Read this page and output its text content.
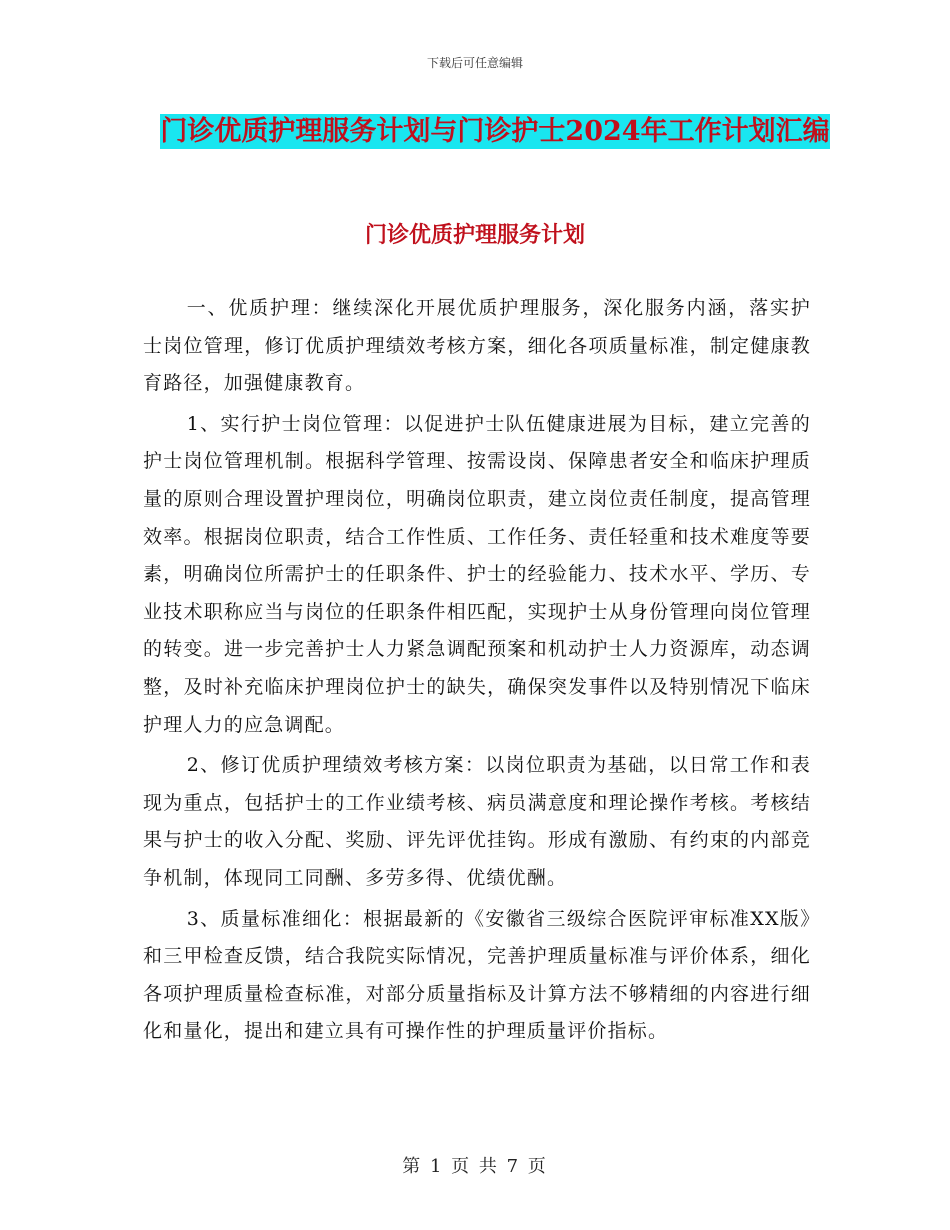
下载后可任意编辑
门诊优质护理服务计划与门诊护士2024年工作计划汇编
门诊优质护理服务计划

一、优质护理：继续深化开展优质护理服务，深化服务内涵，落实护士岗位管理，修订优质护理绩效考核方案，细化各项质量标准，制定健康教育路径，加强健康教育。

1、实行护士岗位管理：以促进护士队伍健康进展为目标，建立完善的护士岗位管理机制。根据科学管理、按需设岗、保障患者安全和临床护理质量的原则合理设置护理岗位，明确岗位职责，建立岗位责任制度，提高管理效率。根据岗位职责，结合工作性质、工作任务、责任轻重和技术难度等要素，明确岗位所需护士的任职条件、护士的经验能力、技术水平、学历、专业技术职称应当与岗位的任职条件相匹配，实现护士从身份管理向岗位管理的转变。进一步完善护士人力紧急调配预案和机动护士人力资源库，动态调整，及时补充临床护理岗位护士的缺失，确保突发事件以及特别情况下临床护理人力的应急调配。

2、修订优质护理绩效考核方案：以岗位职责为基础，以日常工作和表现为重点，包括护士的工作业绩考核、病员满意度和理论操作考核。考核结果与护士的收入分配、奖励、评先评优挂钩。形成有激励、有约束的内部竞争机制，体现同工同酬、多劳多得、优绩优酬。

3、质量标准细化：根据最新的《安徽省三级综合医院评审标准XX版》和三甲检查反馈，结合我院实际情况，完善护理质量标准与评价体系，细化各项护理质量检查标准，对部分质量指标及计算方法不够精细的内容进行细化和量化，提出和建立具有可操作性的护理质量评价指标。

第 1 页 共 7 页
